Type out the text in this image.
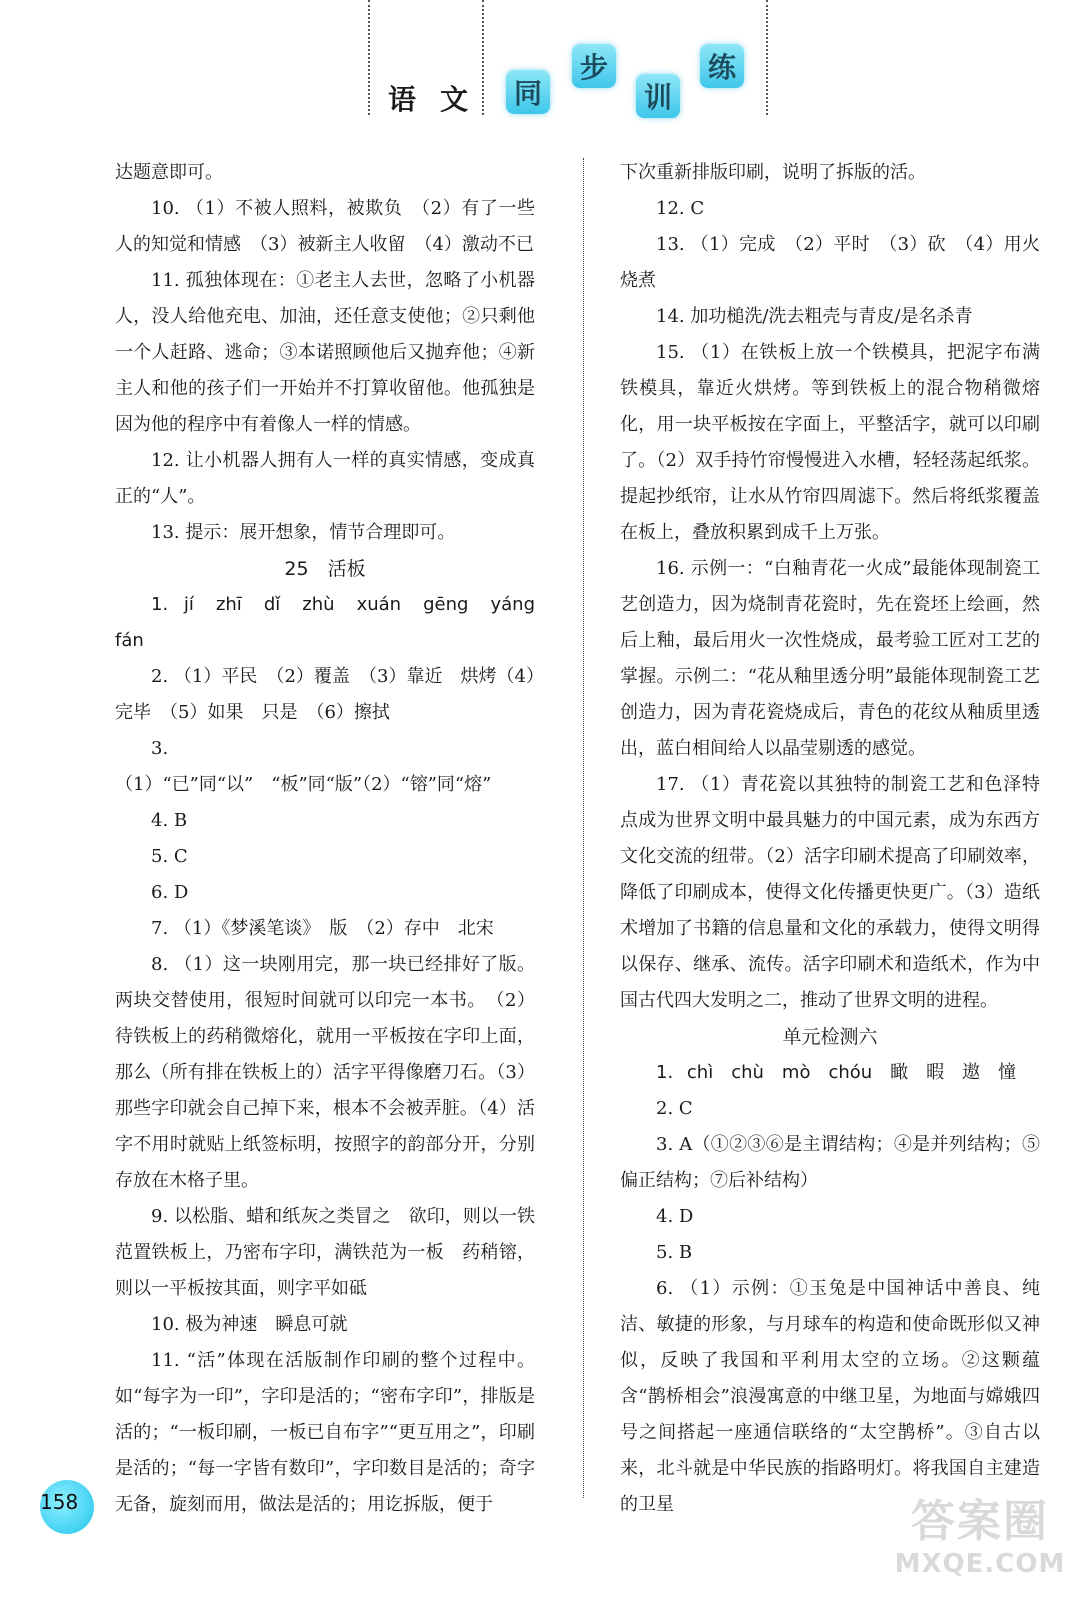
语 文 同
步
训
练

达题意即可。

10. （1）不被人照料，被欺负　（2）有了一些人的知觉和情感　（3）被新主人收留　（4）激动不已

11. 孤独体现在：①老主人去世，忽略了小机器人，没人给他充电、加油，还任意支使他；②只剩他一个人赶路、逃命；③本诺照顾他后又抛弃他；④新主人和他的孩子们一开始并不打算收留他。他孤独是因为他的程序中有着像人一样的情感。

12. 让小机器人拥有人一样的真实情感，变成真正的“人”。

13. 提示：展开想象，情节合理即可。

25　活板

1. jí　zhī　dǐ　zhù　xuán　gēng　yáng　fán

2. （1）平民　（2）覆盖　（3）靠近　烘烤（4）完毕　（5）如果　只是　（6）擦拭

3. （1）“已”同“以”　“板”同“版”（2）“镕”同“熔”

4. B

5. C

6. D

7. （1）《梦溪笔谈》　版　（2）存中　北宋

8. （1）这一块刚用完，那一块已经排好了版。两块交替使用，很短时间就可以印完一本书。　（2）待铁板上的药稍微熔化，就用一平板按在字印上面，那么（所有排在铁板上的）活字平得像磨刀石。（3）那些字印就会自己掉下来，根本不会被弄脏。（4）活字不用时就贴上纸签标明，按照字的韵部分开，分别存放在木格子里。

9. 以松脂、蜡和纸灰之类冒之　欲印，则以一铁范置铁板上，乃密布字印，满铁范为一板　药稍镕，则以一平板按其面，则字平如砥

10. 极为神速　瞬息可就

11. “活”体现在活版制作印刷的整个过程中。如“每字为一印”，字印是活的；“密布字印”，排版是活的；“一板印刷，一板已自布字”“更互用之”，印刷是活的；“每一字皆有数印”，字印数目是活的；奇字无备，旋刻而用，做法是活的；用讫拆版，便于

下次重新排版印刷，说明了拆版的活。

12. C

13. （1）完成　（2）平时　（3）砍　（4）用火烧煮

14. 加功槌洗/洗去粗壳与青皮/是名杀青

15. （1）在铁板上放一个铁模具，把泥字布满铁模具，靠近火烘烤。等到铁板上的混合物稍微熔化，用一块平板按在字面上，平整活字，就可以印刷了。（2）双手持竹帘慢慢进入水槽，轻轻荡起纸浆。提起抄纸帘，让水从竹帘四周滤下。然后将纸浆覆盖在板上，叠放积累到成千上万张。

16. 示例一：“白釉青花一火成”最能体现制瓷工艺创造力，因为烧制青花瓷时，先在瓷坯上绘画，然后上釉，最后用火一次性烧成，最考验工匠对工艺的掌握。示例二：“花从釉里透分明”最能体现制瓷工艺创造力，因为青花瓷烧成后，青色的花纹从釉质里透出，蓝白相间给人以晶莹剔透的感觉。

17. （1）青花瓷以其独特的制瓷工艺和色泽特点成为世界文明中最具魅力的中国元素，成为东西方文化交流的纽带。（2）活字印刷术提高了印刷效率，降低了印刷成本，使得文化传播更快更广。（3）造纸术增加了书籍的信息量和文化的承载力，使得文明得以保存、继承、流传。活字印刷术和造纸术，作为中国古代四大发明之二，推动了世界文明的进程。

单元检测六

1. chì　chù　mò　chóu　瞰　暇　遨　憧

2. C

3. A（①②③⑥是主谓结构；④是并列结构；⑤偏正结构；⑦后补结构）

4. D

5. B

6. （1）示例：①玉兔是中国神话中善良、纯洁、敏捷的形象，与月球车的构造和使命既形似又神似，反映了我国和平利用太空的立场。②这颗蕴含“鹊桥相会”浪漫寓意的中继卫星，为地面与嫦娥四号之间搭起一座通信联络的“太空鹊桥”。③自古以来，北斗就是中华民族的指路明灯。将我国自主建造的卫星

158	答案圈
MXQE.COM
